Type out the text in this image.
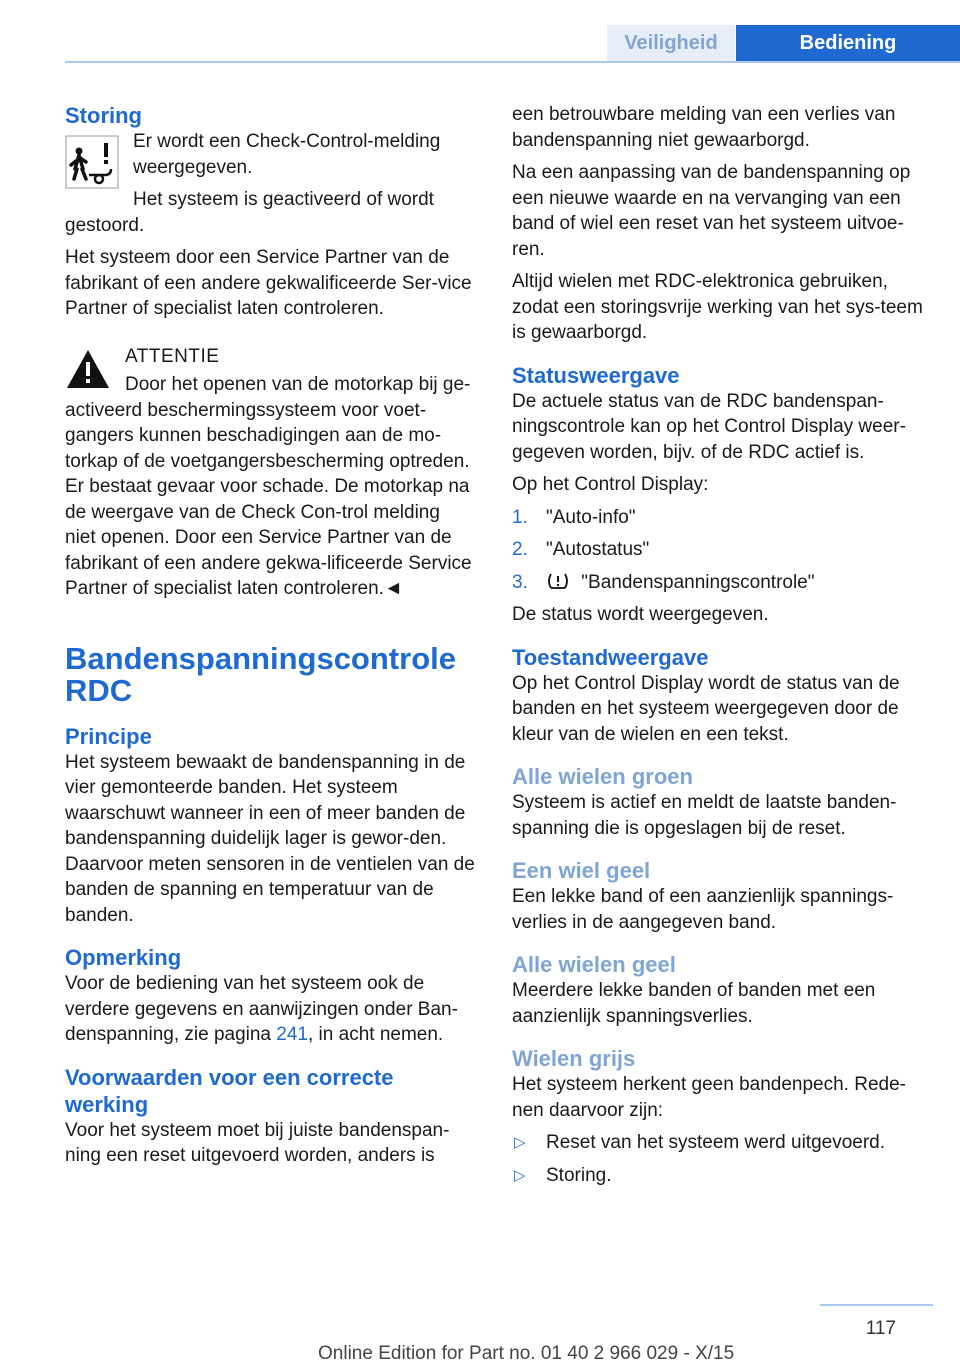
Veiligheid	Bediening
Storing

Er wordt een Check-Control-melding weergegeven.

Het systeem is geactiveerd of wordt gestoord.

Het systeem door een Service Partner van de fabrikant of een andere gekwalificeerde Ser-vice Partner of specialist laten controleren.

ATTENTIE

Door het openen van de motorkap bij ge-activeerd beschermingssysteem voor voet-gangers kunnen beschadigingen aan de mo-torkap of de voetgangersbescherming optreden. Er bestaat gevaar voor schade. De motorkap na de weergave van de Check Con-trol melding niet openen. Door een Service Partner van de fabrikant of een andere gekwa-lificeerde Service Partner of specialist laten controleren.◄

Bandenspanningscontrole
RDC
Principe

Het systeem bewaakt de bandenspanning in de vier gemonteerde banden. Het systeem waarschuwt wanneer in een of meer banden de bandenspanning duidelijk lager is gewor-den. Daarvoor meten sensoren in de ventielen van de banden de spanning en temperatuur van de banden.

Opmerking

Voor de bediening van het systeem ook de verdere gegevens en aanwijzingen onder Ban-denspanning, zie pagina 241, in acht nemen.

Voorwaarden voor een correcte werking

Voor het systeem moet bij juiste bandenspan-ning een reset uitgevoerd worden, anders is

een betrouwbare melding van een verlies van bandenspanning niet gewaarborgd.

Na een aanpassing van de bandenspanning op een nieuwe waarde en na vervanging van een band of wiel een reset van het systeem uitvoe-ren.

Altijd wielen met RDC-elektronica gebruiken, zodat een storingsvrije werking van het sys-teem is gewaarborgd.

Statusweergave

De actuele status van de RDC bandenspan-ningscontrole kan op het Control Display weer-gegeven worden, bijv. of de RDC actief is.

Op het Control Display:

1. "Auto-info"
2. "Autostatus"
3.	"Bandenspanningscontrole"

De status wordt weergegeven.

Toestandweergave

Op het Control Display wordt de status van de banden en het systeem weergegeven door de kleur van de wielen en een tekst.

Alle wielen groen

Systeem is actief en meldt de laatste banden-spanning die is opgeslagen bij de reset.

Een wiel geel

Een lekke band of een aanzienlijk spannings-verlies in de aangegeven band.

Alle wielen geel

Meerdere lekke banden of banden met een aanzienlijk spanningsverlies.

Wielen grijs

Het systeem herkent geen bandenpech. Rede-nen daarvoor zijn:

▷ Reset van het systeem werd uitgevoerd.
▷ Storing.
117
Online Edition for Part no. 01 40 2 966 029 - X/15
